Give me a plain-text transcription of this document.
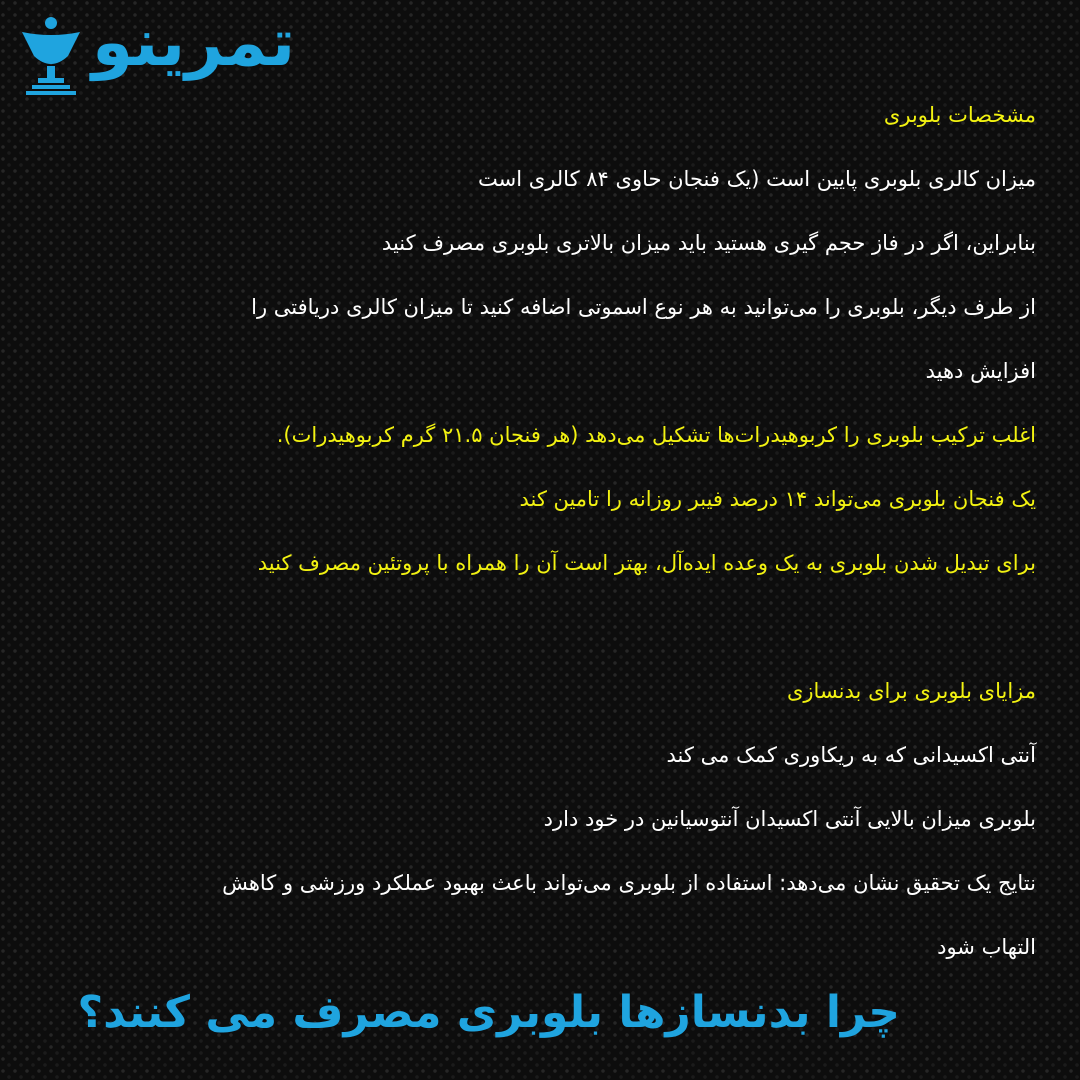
تمرینو
مشخصات بلوبری
میزان کالری بلوبری پایین است (یک فنجان حاوی ۸۴ کالری است
بنابراین، اگر در فاز حجم گیری هستید باید میزان بالاتری بلوبری مصرف کنید
از طرف دیگر، بلوبری را می‌توانید به هر نوع اسموتی اضافه کنید تا میزان کالری دریافتی را
افزایش دهید
اغلب ترکیب بلوبری را کربوهیدرات‌ها تشکیل می‌دهد (هر فنجان ۲۱.۵ گرم کربوهیدرات).
یک فنجان بلوبری می‌تواند ۱۴ درصد فیبر روزانه را تامین کند
برای تبدیل شدن بلوبری به یک وعده ایده‌آل، بهتر است آن را همراه با پروتئین مصرف کنید
مزایای بلوبری برای بدنسازی
آنتی اکسیدانی که به ریکاوری کمک می کند
بلوبری میزان بالایی آنتی اکسیدان آنتوسیانین در خود دارد
نتایج یک تحقیق نشان می‌دهد: استفاده از بلوبری می‌تواند باعث بهبود عملکرد ورزشی و کاهش
التهاب شود
چرا بدنسازها بلوبری مصرف می کنند؟
